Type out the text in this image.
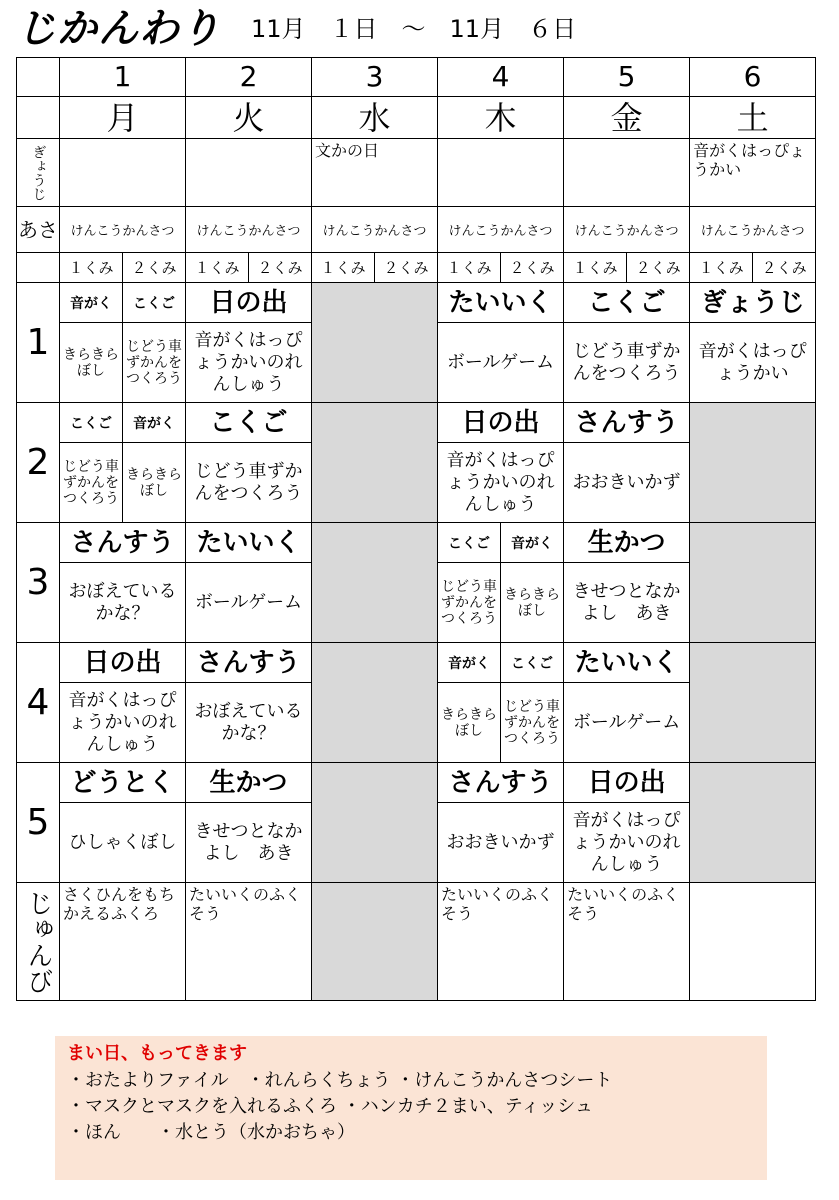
じかんわり 11月　１日　～　11月　６日
	1		2		3		4		5		6	
	月		火		水		木		金		土	

ぎょうじ					文かの日						音がくはっぴょうかい	

あさ	けんこうかんさつ		けんこうかんさつ		けんこうかんさつ		けんこうかんさつ		けんこうかんさつ		けんこうかんさつ	
	１くみ	２くみ	１くみ	２くみ	１くみ	２くみ	１くみ	２くみ	１くみ	２くみ	１くみ	２くみ
1	音がく	こくご	日の出				たいいく		こくご		ぎょうじ	
	きらきらぼし	じどう車ずかんをつくろう	音がくはっぴょうかいのれんしゅう				ボールゲーム		じどう車ずかんをつくろう		音がくはっぴょうかい	
2	こくご	音がく	こくご				日の出		さんすう			
	じどう車ずかんをつくろう	きらきらぼし	じどう車ずかんをつくろう				音がくはっぴょうかいのれんしゅう		おおきいかず			
3	さんすう		たいいく				こくご	音がく	生かつ			
	おぼえているかな？		ボールゲーム				じどう車ずかんをつくろう	きらきらぼし	きせつとなかよし　あき			
4	日の出		さんすう				音がく	こくご	たいいく			
	音がくはっぴょうかいのれんしゅう		おぼえているかな？				きらきらぼし	じどう車ずかんをつくろう	ボールゲーム			
5	どうとく		生かつ				さんすう		日の出			
	ひしゃくぼし		きせつとなかよし　あき				おおきいかず		音がくはっぴょうかいのれんしゅう			

じゅんび	さくひんをもちかえるふくろ		たいいくのふくそう				たいいくのふくそう		たいいくのふくそう			
まい日、もってきます
・おたよりファイル　・れんらくちょう ・けんこうかんさつシート
・マスクとマスクを入れるふくろ ・ハンカチ２まい、ティッシュ
・ほん　　・水とう（水かおちゃ）
